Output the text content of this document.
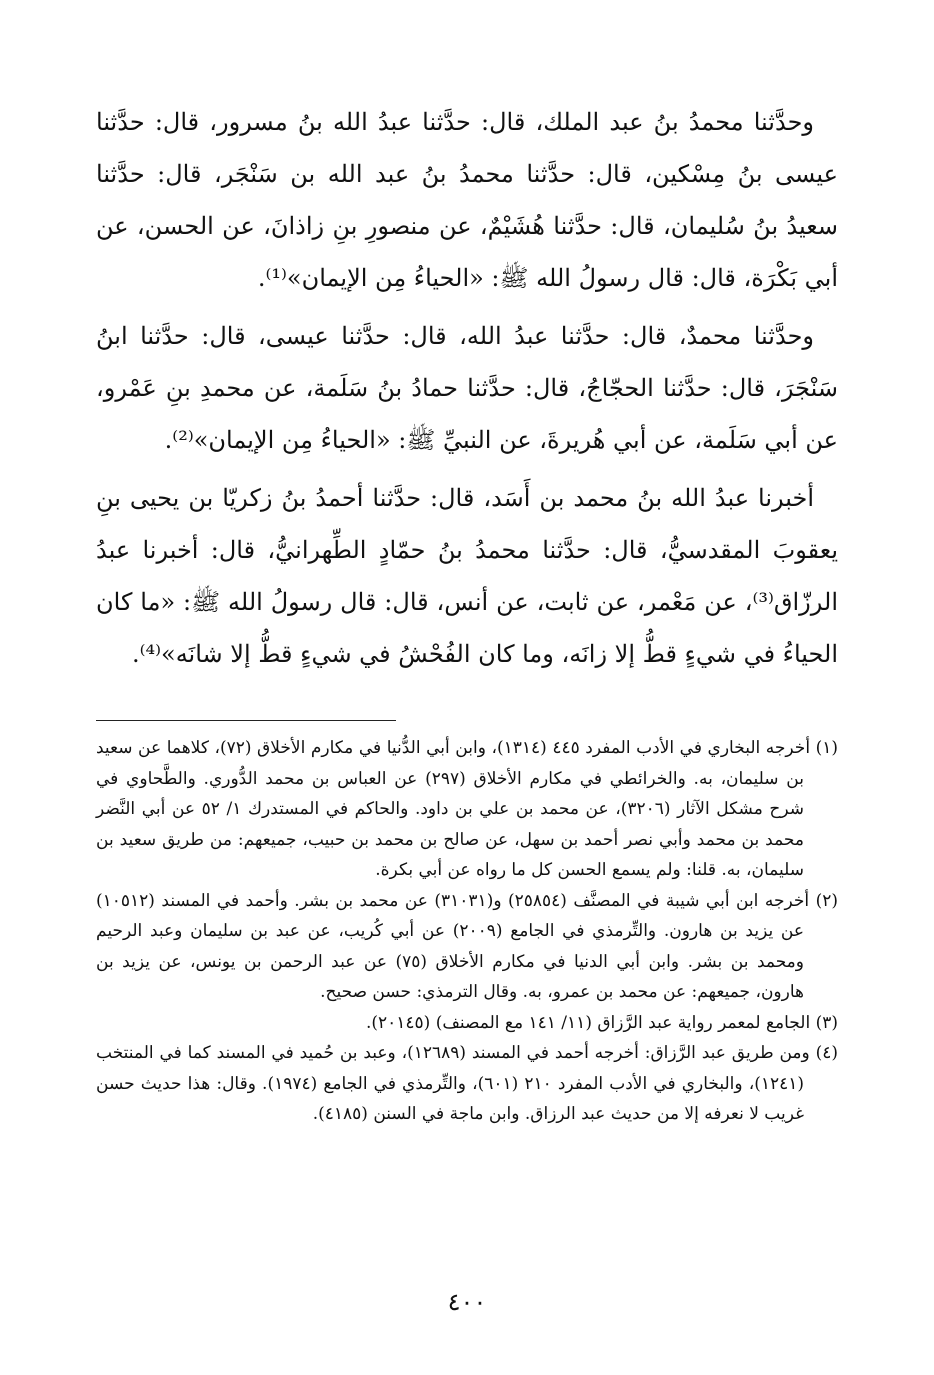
وحدَّثنا محمدُ بنُ عبد الملك، قال: حدَّثنا عبدُ الله بنُ مسرور، قال: حدَّثنا عيسى بنُ مِسْكين، قال: حدَّثنا محمدُ بنُ عبد الله بن سَنْجَر، قال: حدَّثنا سعيدُ بنُ سُليمان، قال: حدَّثنا هُشَيْمٌ، عن منصورِ بنِ زاذانَ، عن الحسن، عن أبي بَكْرَة، قال: قال رسولُ الله ﷺ: «الحياءُ مِن الإيمان»⁽¹⁾.

وحدَّثنا محمدٌ، قال: حدَّثنا عبدُ الله، قال: حدَّثنا عيسى، قال: حدَّثنا ابنُ سَنْجَرَ، قال: حدَّثنا الحجّاجُ، قال: حدَّثنا حمادُ بنُ سَلَمة، عن محمدِ بنِ عَمْرو، عن أبي سَلَمة، عن أبي هُريرةَ، عن النبيِّ ﷺ: «الحياءُ مِن الإيمان»⁽²⁾.

أخبرنا عبدُ الله بنُ محمد بن أَسَد، قال: حدَّثنا أحمدُ بنُ زكريّا بن يحيى بنِ يعقوبَ المقدسيُّ، قال: حدَّثنا محمدُ بنُ حمّادٍ الطِّهرانيُّ، قال: أخبرنا عبدُ الرزّاق⁽³⁾، عن مَعْمر، عن ثابت، عن أنس، قال: قال رسولُ الله ﷺ: «ما كان الحياءُ في شيءٍ قطُّ إلا زانَه، وما كان الفُحْشُ في شيءٍ قطُّ إلا شانَه»⁽⁴⁾.

(١) أخرجه البخاري في الأدب المفرد ٤٤٥ (١٣١٤)، وابن أبي الدُّنيا في مكارم الأخلاق (٧٢)، كلاهما عن سعيد بن سليمان، به. والخرائطي في مكارم الأخلاق (٢٩٧) عن العباس بن محمد الدُّوري. والطَّحاوي في شرح مشكل الآثار (٣٢٠٦)، عن محمد بن علي بن داود. والحاكم في المستدرك ١/ ٥٢ عن أبي النَّضر محمد بن محمد وأبي نصر أحمد بن سهل، عن صالح بن محمد بن حبيب، جميعهم: من طريق سعيد بن سليمان، به. قلنا: ولم يسمع الحسن كل ما رواه عن أبي بكرة.

(٢) أخرجه ابن أبي شيبة في المصنَّف (٢٥٨٥٤) و(٣١٠٣١) عن محمد بن بشر. وأحمد في المسند (١٠٥١٢) عن يزيد بن هارون. والتِّرمذي في الجامع (٢٠٠٩) عن أبي كُريب، عن عبد بن سليمان وعبد الرحيم ومحمد بن بشر. وابن أبي الدنيا في مكارم الأخلاق (٧٥) عن عبد الرحمن بن يونس، عن يزيد بن هارون، جميعهم: عن محمد بن عمرو، به. وقال الترمذي: حسن صحيح.

(٣) الجامع لمعمر رواية عبد الرَّزاق (١١/ ١٤١ مع المصنف) (٢٠١٤٥).

(٤) ومن طريق عبد الرَّزاق: أخرجه أحمد في المسند (١٢٦٨٩)، وعبد بن حُميد في المسند كما في المنتخب (١٢٤١)، والبخاري في الأدب المفرد ٢١٠ (٦٠١)، والتِّرمذي في الجامع (١٩٧٤). وقال: هذا حديث حسن غريب لا نعرفه إلا من حديث عبد الرزاق. وابن ماجة في السنن (٤١٨٥).

٤٠٠
